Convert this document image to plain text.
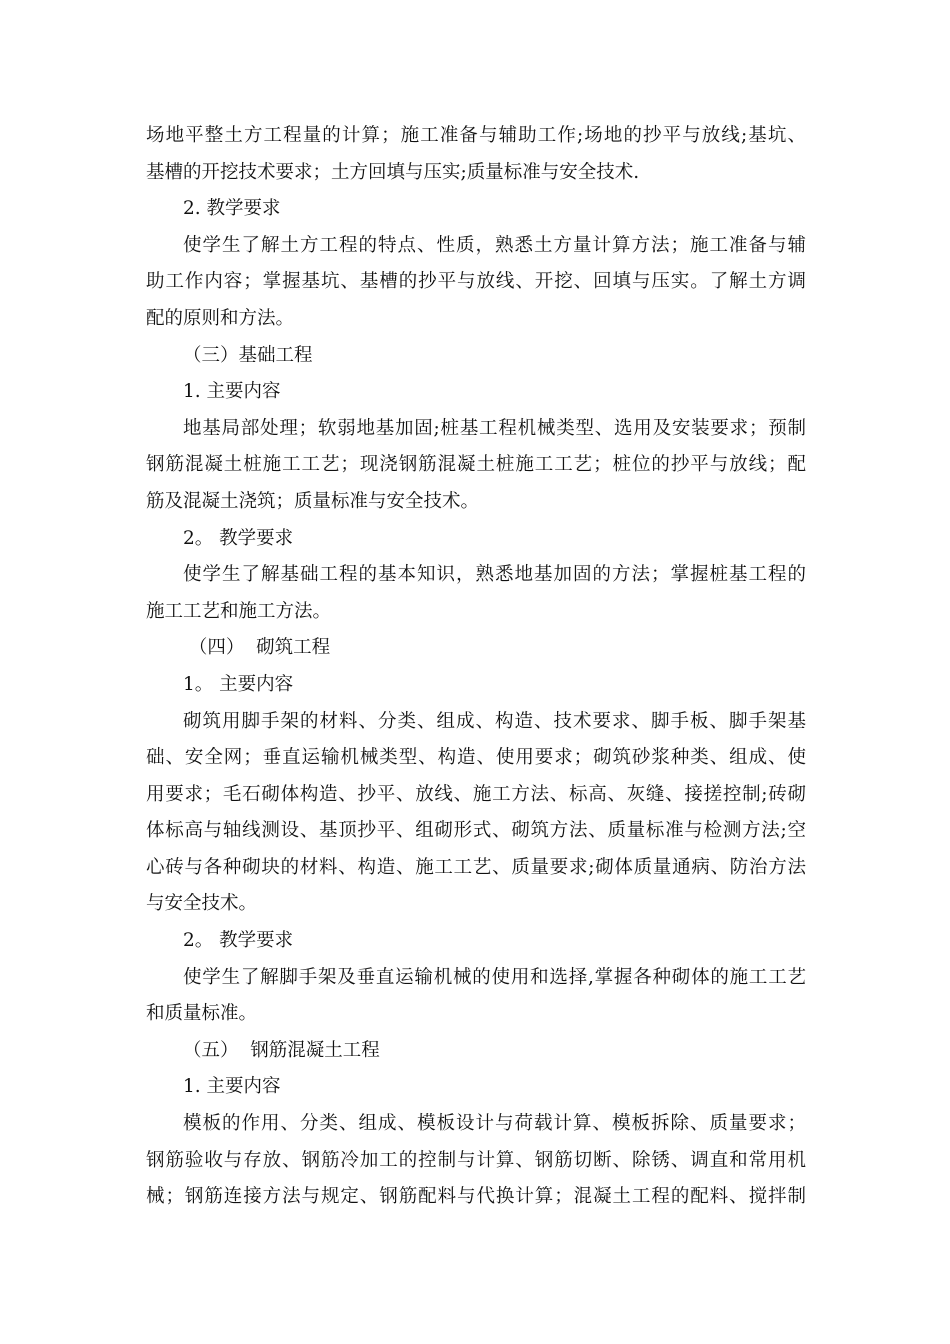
场地平整土方工程量的计算；施工准备与辅助工作;场地的抄平与放线;基坑、
基槽的开挖技术要求；土方回填与压实;质量标准与安全技术.
2. 教学要求
使学生了解土方工程的特点、性质，熟悉土方量计算方法；施工准备与辅
助工作内容；掌握基坑、基槽的抄平与放线、开挖、回填与压实。了解土方调
配的原则和方法。
（三）基础工程
1. 主要内容
地基局部处理；软弱地基加固;桩基工程机械类型、选用及安装要求；预制
钢筋混凝土桩施工工艺；现浇钢筋混凝土桩施工工艺；桩位的抄平与放线；配
筋及混凝土浇筑；质量标准与安全技术。
2。 教学要求
使学生了解基础工程的基本知识，熟悉地基加固的方法；掌握桩基工程的
施工工艺和施工方法。
（四）  砌筑工程
1。 主要内容
砌筑用脚手架的材料、分类、组成、构造、技术要求、脚手板、脚手架基
础、安全网；垂直运输机械类型、构造、使用要求；砌筑砂浆种类、组成、使
用要求；毛石砌体构造、抄平、放线、施工方法、标高、灰缝、接搓控制;砖砌
体标高与轴线测设、基顶抄平、组砌形式、砌筑方法、质量标准与检测方法;空
心砖与各种砌块的材料、构造、施工工艺、质量要求;砌体质量通病、防治方法
与安全技术。
2。 教学要求
使学生了解脚手架及垂直运输机械的使用和选择,掌握各种砌体的施工工艺
和质量标准。
（五）  钢筋混凝土工程
1. 主要内容
模板的作用、分类、组成、模板设计与荷载计算、模板拆除、质量要求；
钢筋验收与存放、钢筋冷加工的控制与计算、钢筋切断、除锈、调直和常用机
械；钢筋连接方法与规定、钢筋配料与代换计算；混凝土工程的配料、搅拌制
